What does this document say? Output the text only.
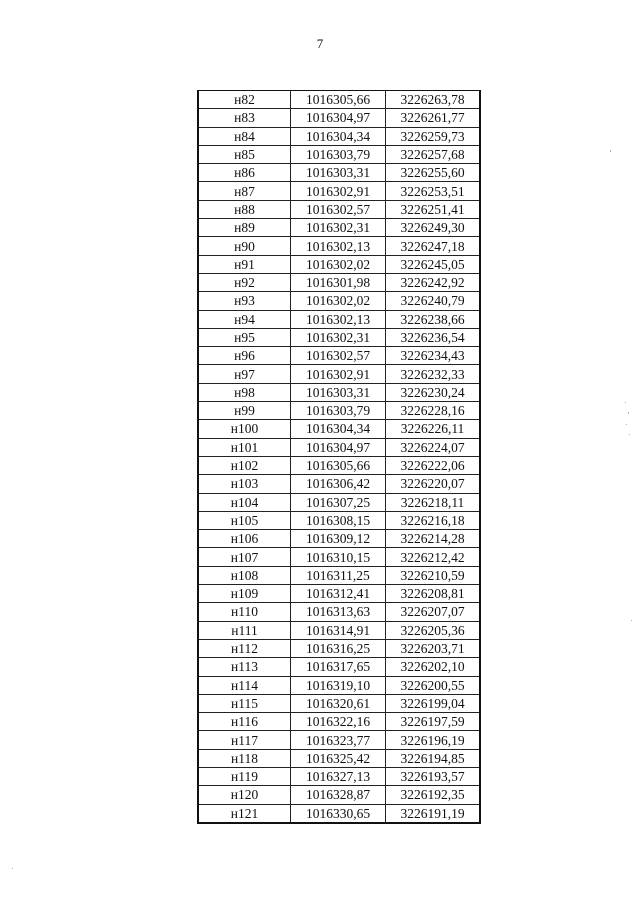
7
н82	1016305,66	3226263,78
н83	1016304,97	3226261,77
н84	1016304,34	3226259,73
н85	1016303,79	3226257,68
н86	1016303,31	3226255,60
н87	1016302,91	3226253,51
н88	1016302,57	3226251,41
н89	1016302,31	3226249,30
н90	1016302,13	3226247,18
н91	1016302,02	3226245,05
н92	1016301,98	3226242,92
н93	1016302,02	3226240,79
н94	1016302,13	3226238,66
н95	1016302,31	3226236,54
н96	1016302,57	3226234,43
н97	1016302,91	3226232,33
н98	1016303,31	3226230,24
н99	1016303,79	3226228,16
н100	1016304,34	3226226,11
н101	1016304,97	3226224,07
н102	1016305,66	3226222,06
н103	1016306,42	3226220,07
н104	1016307,25	3226218,11
н105	1016308,15	3226216,18
н106	1016309,12	3226214,28
н107	1016310,15	3226212,42
н108	1016311,25	3226210,59
н109	1016312,41	3226208,81
н110	1016313,63	3226207,07
н111	1016314,91	3226205,36
н112	1016316,25	3226203,71
н113	1016317,65	3226202,10
н114	1016319,10	3226200,55
н115	1016320,61	3226199,04
н116	1016322,16	3226197,59
н117	1016323,77	3226196,19
н118	1016325,42	3226194,85
н119	1016327,13	3226193,57
н120	1016328,87	3226192,35
н121	1016330,65	3226191,19
